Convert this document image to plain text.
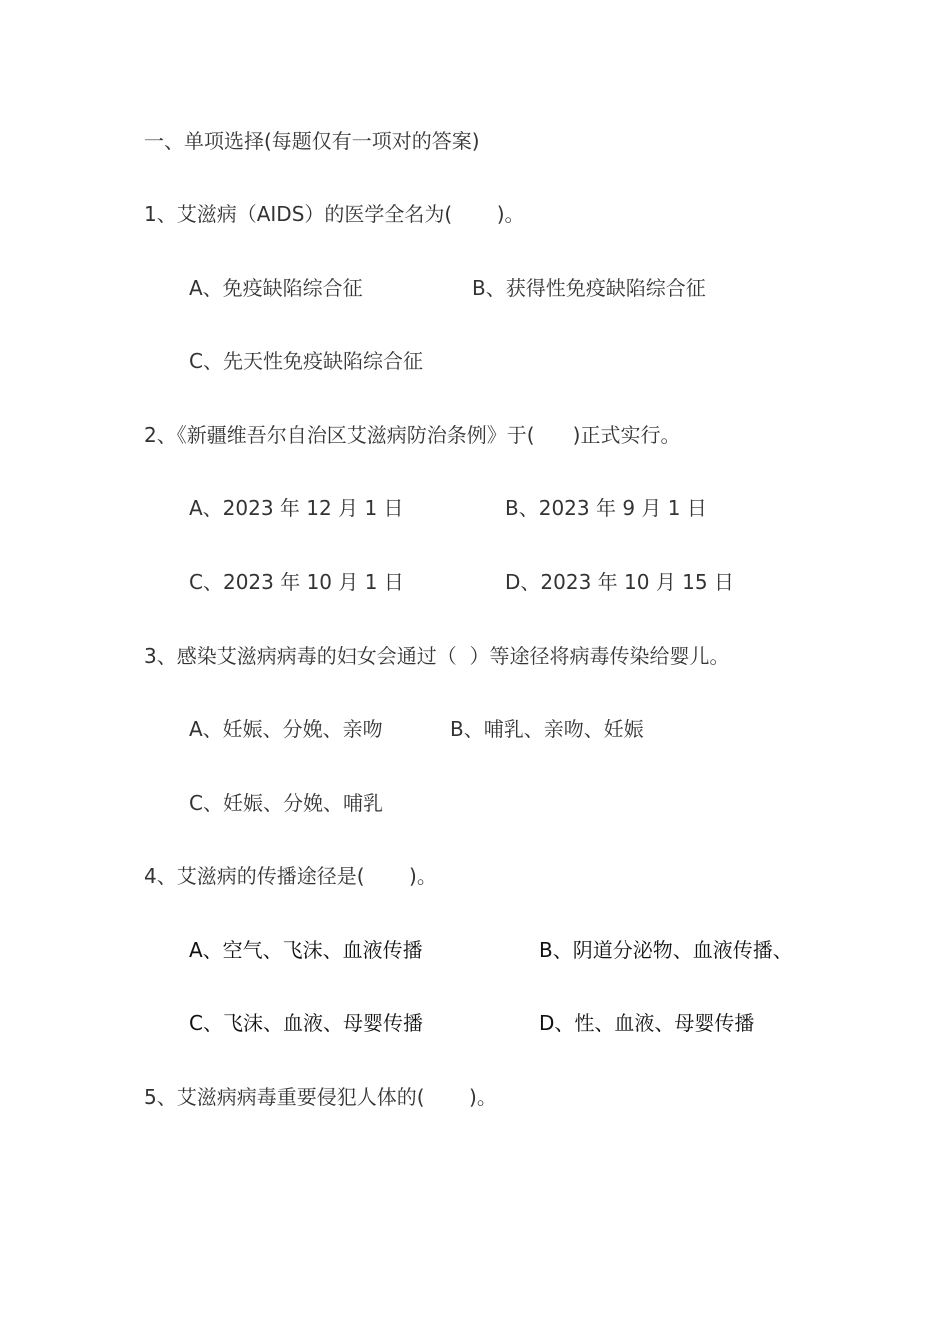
一、单项选择(每题仅有一项对的答案)
1、艾滋病（AIDS）的医学全名为(       )。
A、免疫缺陷综合征	B、获得性免疫缺陷综合征
C、先天性免疫缺陷综合征
2、《新疆维吾尔自治区艾滋病防治条例》于(      )正式实行。
A、2023 年 12 月 1 日	B、2023 年 9 月 1 日
C、2023 年 10 月 1 日	D、2023 年 10 月 15 日
3、感染艾滋病病毒的妇女会通过（  ）等途径将病毒传染给婴儿。
A、妊娠、分娩、亲吻	B、哺乳、亲吻、妊娠
C、妊娠、分娩、哺乳
4、艾滋病的传播途径是(       )。
A、空气、飞沫、血液传播	B、阴道分泌物、血液传播、
C、飞沫、血液、母婴传播	D、性、血液、母婴传播
5、艾滋病病毒重要侵犯人体的(       )。
